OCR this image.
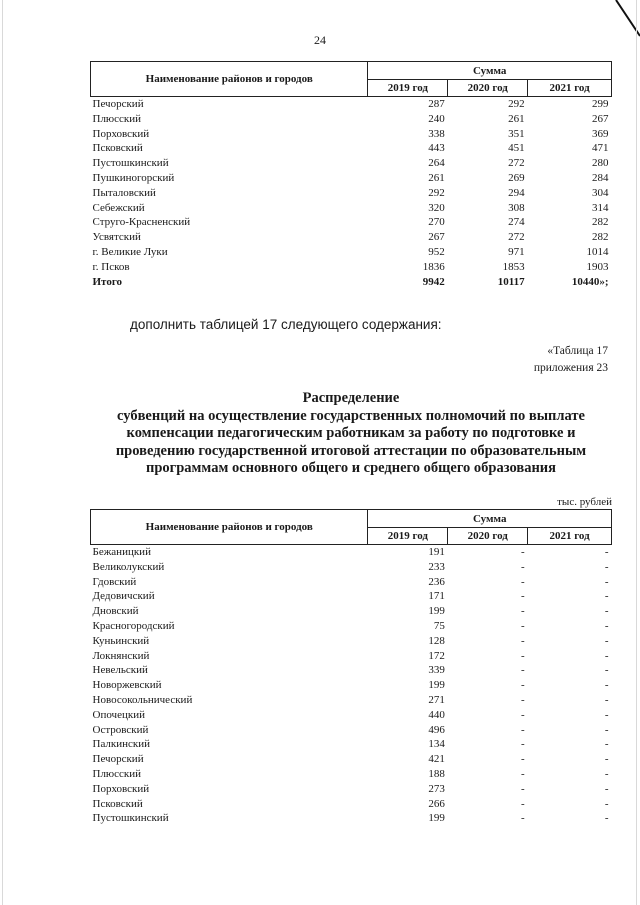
24
Наименование районов и городов	Сумма		
	2019 год	2020 год	2021 год
Печорский	287	292	299
Плюсский	240	261	267
Порховский	338	351	369
Псковский	443	451	471
Пустошкинский	264	272	280
Пушкиногорский	261	269	284
Пыталовский	292	294	304
Себежский	320	308	314
Струго-Красненский	270	274	282
Усвятский	267	272	282
г. Великие Луки	952	971	1014
г. Псков	1836	1853	1903
Итого	9942	10117	10440»;
дополнить таблицей 17 следующего содержания:
«Таблица 17
приложения 23
Распределение
субвенций на осуществление государственных полномочий по выплате компенсации педагогическим работникам за работу по подготовке и проведению государственной итоговой аттестации по образовательным программам основного общего и среднего общего образования
тыс. рублей
Наименование районов и городов	Сумма		
	2019 год	2020 год	2021 год
Бежаницкий	191	-	-
Великолукский	233	-	-
Гдовский	236	-	-
Дедовичский	171	-	-
Дновский	199	-	-
Красногородский	75	-	-
Куньинский	128	-	-
Локнянский	172	-	-
Невельский	339	-	-
Новоржевский	199	-	-
Новосокольнический	271	-	-
Опочецкий	440	-	-
Островский	496	-	-
Палкинский	134	-	-
Печорский	421	-	-
Плюсский	188	-	-
Порховский	273	-	-
Псковский	266	-	-
Пустошкинский	199	-	-
